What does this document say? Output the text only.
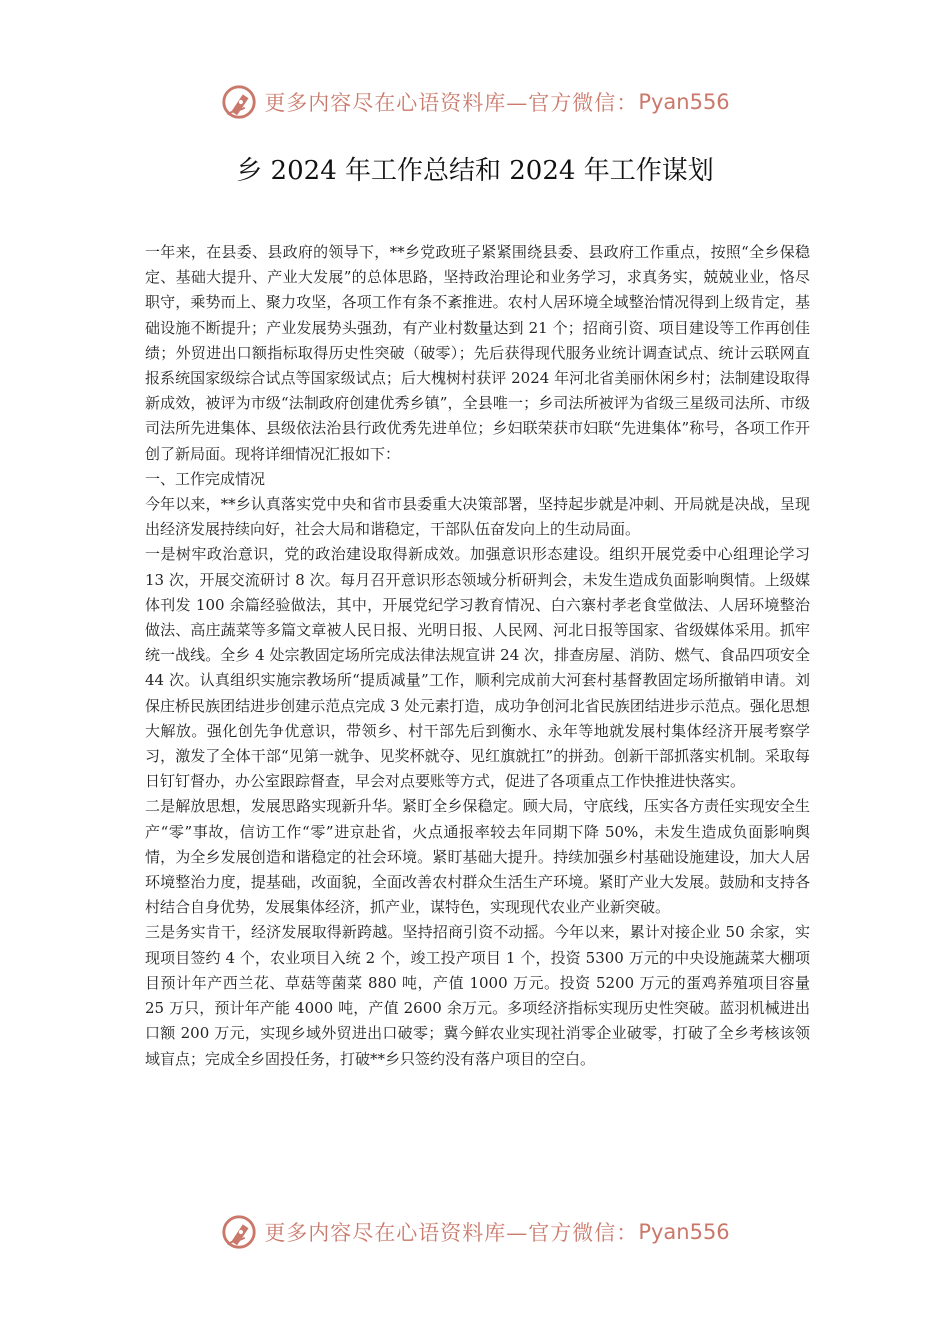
更多内容尽在心语资料库—官方微信： Pyan556
乡 2024 年工作总结和 2024 年工作谋划

一年来，在县委、县政府的领导下，**乡党政班子紧紧围绕县委、县政府工作重点，按照“全乡保稳定、基础大提升、产业大发展”的总体思路，坚持政治理论和业务学习，求真务实，兢兢业业，恪尽职守，乘势而上、聚力攻坚，各项工作有条不紊推进。农村人居环境全域整治情况得到上级肯定，基础设施不断提升；产业发展势头强劲，有产业村数量达到 21 个；招商引资、项目建设等工作再创佳绩；外贸进出口额指标取得历史性突破（破零）；先后获得现代服务业统计调查试点、统计云联网直报系统国家级综合试点等国家级试点；后大槐树村获评 2024 年河北省美丽休闲乡村；法制建设取得新成效，被评为市级“法制政府创建优秀乡镇”，全县唯一；乡司法所被评为省级三星级司法所、市级司法所先进集体、县级依法治县行政优秀先进单位；乡妇联荣获市妇联“先进集体”称号，各项工作开创了新局面。现将详细情况汇报如下：

一、工作完成情况

今年以来，**乡认真落实党中央和省市县委重大决策部署，坚持起步就是冲刺、开局就是决战，呈现出经济发展持续向好，社会大局和谐稳定，干部队伍奋发向上的生动局面。

一是树牢政治意识，党的政治建设取得新成效。加强意识形态建设。组织开展党委中心组理论学习 13 次，开展交流研讨 8 次。每月召开意识形态领域分析研判会，未发生造成负面影响舆情。上级媒体刊发 100 余篇经验做法，其中，开展党纪学习教育情况、白六寨村孝老食堂做法、人居环境整治做法、高庄蔬菜等多篇文章被人民日报、光明日报、人民网、河北日报等国家、省级媒体采用。抓牢统一战线。全乡 4 处宗教固定场所完成法律法规宣讲 24 次，排查房屋、消防、燃气、食品四项安全 44 次。认真组织实施宗教场所“提质减量”工作，顺利完成前大河套村基督教固定场所撤销申请。刘保庄桥民族团结进步创建示范点完成 3 处元素打造，成功争创河北省民族团结进步示范点。强化思想大解放。强化创先争优意识，带领乡、村干部先后到衡水、永年等地就发展村集体经济开展考察学习，激发了全体干部“见第一就争、见奖杯就夺、见红旗就扛”的拼劲。创新干部抓落实机制。采取每日钉钉督办，办公室跟踪督查，早会对点要账等方式，促进了各项重点工作快推进快落实。

二是解放思想，发展思路实现新升华。紧盯全乡保稳定。顾大局，守底线，压实各方责任实现安全生产“零”事故，信访工作“零”进京赴省，火点通报率较去年同期下降 50%，未发生造成负面影响舆情，为全乡发展创造和谐稳定的社会环境。紧盯基础大提升。持续加强乡村基础设施建设，加大人居环境整治力度，提基础，改面貌，全面改善农村群众生活生产环境。紧盯产业大发展。鼓励和支持各村结合自身优势，发展集体经济，抓产业，谋特色，实现现代农业产业新突破。

三是务实肯干，经济发展取得新跨越。坚持招商引资不动摇。今年以来，累计对接企业 50 余家，实现项目签约 4 个，农业项目入统 2 个，竣工投产项目 1 个，投资 5300 万元的中央设施蔬菜大棚项目预计年产西兰花、草菇等菌菜 880 吨，产值 1000 万元。投资 5200 万元的蛋鸡养殖项目容量 25 万只，预计年产能 4000 吨，产值 2600 余万元。多项经济指标实现历史性突破。蓝羽机械进出口额 200 万元，实现乡域外贸进出口破零；冀今鲜农业实现社消零企业破零，打破了全乡考核该领域盲点；完成全乡固投任务，打破**乡只签约没有落户项目的空白。

更多内容尽在心语资料库—官方微信： Pyan556
